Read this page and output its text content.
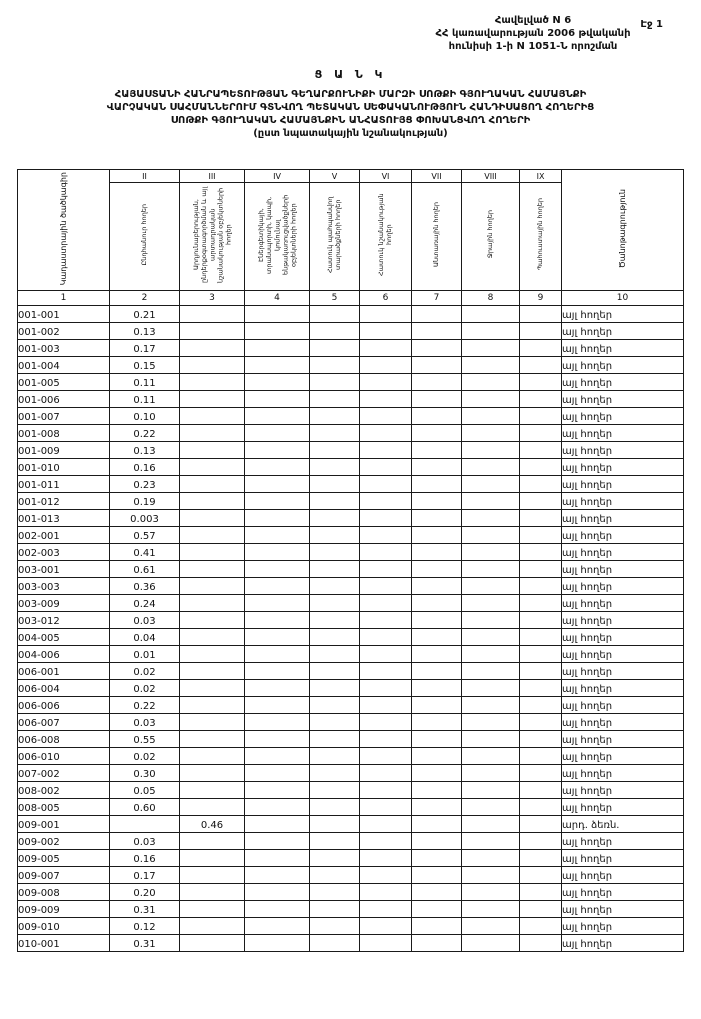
Էջ 1
Հավելված N 6
ՀՀ կառավարության 2006 թվականի
հունիսի 1-ի N 1051-Ն որոշման
Ց Ա Ն Կ
ՀԱՅԱՍՏԱՆԻ ՀԱՆՐԱՊԵՏՈՒԹՅԱՆ ԳԵՂԱՐՔՈՒՆԻՔԻ ՄԱՐԶԻ ՍՈԹՔԻ ԳՅՈՒՂԱԿԱՆ ՀԱՄԱՅՆՔԻ
ՎԱՐՉԱԿԱՆ ՍԱՀՄԱՆՆԵՐՈՒՄ ԳՏՆՎՈՂ ՊԵՏԱԿԱՆ ՍԵՓԱԿԱՆՈՒԹՅՈՒՆ ՀԱՆԴԻՍԱՑՈՂ ՀՈՂԵՐԻՑ
ՍՈԹՔԻ ԳՅՈՒՂԱԿԱՆ ՀԱՄԱՅՆՔԻՆ ԱՆՀԱՏՈՒՅՑ ՓՈԽԱՆՑՎՈՂ ՀՈՂԵՐԻ
(ըստ նպատակային նշանակության)
Կադաստրային ծածկագիր	II	III	IV	V	VI	VII	VIII	IX	Ծանոթագրություն
	Ընդհանուր հողեր	Արդյունաբերության, ընդերքօգտագործման և այլ արտադրական նշանակության օբյեկտների հողեր	Էներգետիկայի, տրանսպորտի, կապի, կոմունալ ենթակառուցվածքների օբյեկտների հողեր	Հատուկ պահպանվող տարածքների հողեր	Հատուկ նշանակության հողեր	Անտառային հողեր	Ջրային հողեր	Պահուստային հողեր	
1	2	3	4	5	6	7	8	9	10
001-001	0.21								այլ հողեր
001-002	0.13								այլ հողեր
001-003	0.17								այլ հողեր
001-004	0.15								այլ հողեր
001-005	0.11								այլ հողեր
001-006	0.11								այլ հողեր
001-007	0.10								այլ հողեր
001-008	0.22								այլ հողեր
001-009	0.13								այլ հողեր
001-010	0.16								այլ հողեր
001-011	0.23								այլ հողեր
001-012	0.19								այլ հողեր
001-013	0.003								այլ հողեր
002-001	0.57								այլ հողեր
002-003	0.41								այլ հողեր
003-001	0.61								այլ հողեր
003-003	0.36								այլ հողեր
003-009	0.24								այլ հողեր
003-012	0.03								այլ հողեր
004-005	0.04								այլ հողեր
004-006	0.01								այլ հողեր
006-001	0.02								այլ հողեր
006-004	0.02								այլ հողեր
006-006	0.22								այլ հողեր
006-007	0.03								այլ հողեր
006-008	0.55								այլ հողեր
006-010	0.02								այլ հողեր
007-002	0.30								այլ հողեր
008-002	0.05								այլ հողեր
008-005	0.60								այլ հողեր
009-001		0.46							արդ. ձեռն.
009-002	0.03								այլ հողեր
009-005	0.16								այլ հողեր
009-007	0.17								այլ հողեր
009-008	0.20								այլ հողեր
009-009	0.31								այլ հողեր
009-010	0.12								այլ հողեր
010-001	0.31								այլ հողեր
